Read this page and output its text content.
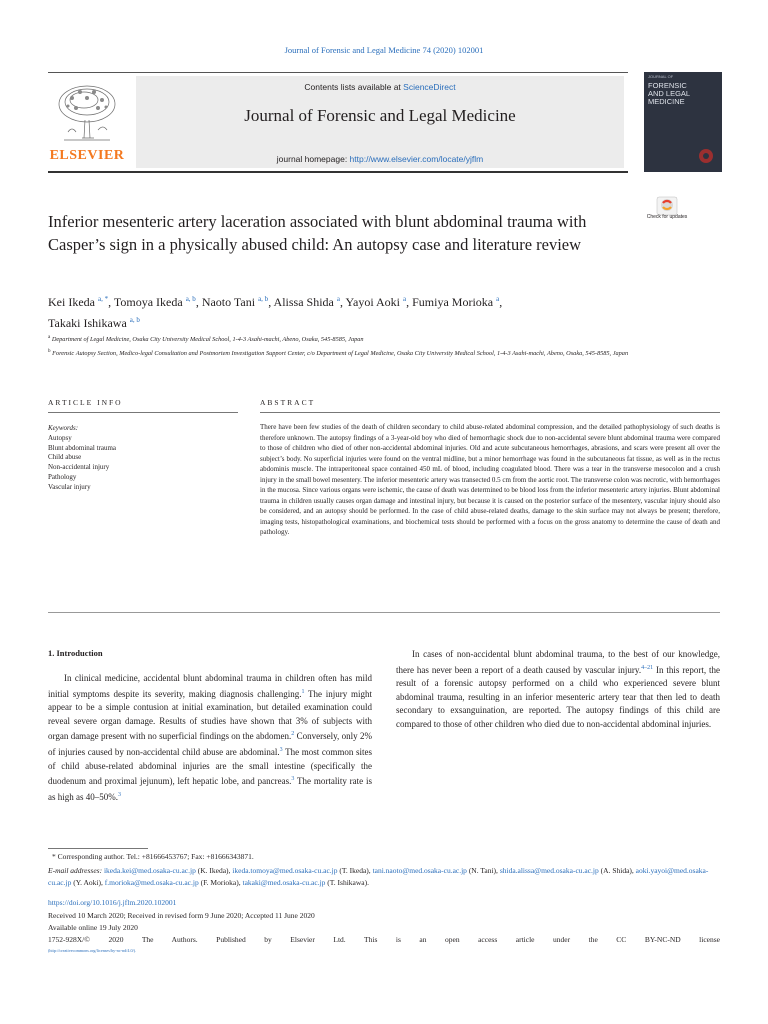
Journal of Forensic and Legal Medicine 74 (2020) 102001
ELSEVIER
Contents lists available at ScienceDirect
Journal of Forensic and Legal Medicine
journal homepage: http://www.elsevier.com/locate/yjflm
JOURNAL OF
FORENSIC
AND LEGAL
MEDICINE
Inferior mesenteric artery laceration associated with blunt abdominal trauma with Casper’s sign in a physically abused child: An autopsy case and literature review
Check for updates
Kei Ikeda $^{a, *}$, Tomoya Ikeda $^{a, b}$, Naoto Tani $^{a, b}$, Alissa Shida $^a$, Yayoi Aoki $^a$, Fumiya Morioka $^a$,
Takaki Ishikawa $^{a, b}$
$^a$ Department of Legal Medicine, Osaka City University Medical School, 1-4-3 Asahi-machi, Abeno, Osaka, 545-8585, Japan
$^b$ Forensic Autopsy Section, Medico-legal Consultation and Postmortem Investigation Support Center, c/o Department of Legal Medicine, Osaka City University Medical School, 1-4-3 Asahi-machi, Abeno, Osaka, 545-8585, Japan
ARTICLE INFO
Keywords:
Autopsy
Blunt abdominal trauma
Child abuse
Non-accidental injury
Pathology
Vascular injury
ABSTRACT
There have been few studies of the death of children secondary to child abuse-related abdominal compression, and the detailed pathophysiology of such deaths is therefore unknown. The autopsy findings of a 3-year-old boy who died of hemorrhagic shock due to non-accidental severe blunt abdominal trauma were compared to those of children who died of other non-accidental abdominal injuries. Old and acute subcutaneous hemorrhages, abrasions, and scars were present all over the subject’s body. No superficial injuries were found on the ventral midline, but a minor hemorrhage was found in the subcutaneous fat tissue, as well as in the rectus abdominis muscle. The intraperitoneal space contained 450 mL of blood, including coagulated blood. There was a tear in the transverse mesocolon and a crush injury in the small bowel mesentery. The inferior mesenteric artery was transected 0.5 cm from the aortic root. The transverse colon was necrotic, with hemorrhages in the mucosa. Since various organs were ischemic, the cause of death was determined to be blood loss from the inferior mesenteric artery injuries. Blunt abdominal trauma in children usually causes organ damage and intestinal injury, but because it is caused on the posterior surface of the mesentery, vascular injury should also be considered, and an autopsy should be performed. In the case of child abuse-related deaths, damage to the skin surface may not always be present; therefore, imaging tests, histopathological examinations, and biochemical tests should be performed with a focus on the gross anatomy to determine the cause of death and pathology.
1. Introduction
In clinical medicine, accidental blunt abdominal trauma in children often has mild initial symptoms despite its severity, making diagnosis challenging.$^1$ The injury might appear to be a simple contusion at initial examination, but detailed examination could reveal severe organ damage. Results of studies have shown that 3% of subjects with organ damage present with no superficial findings on the abdomen.$^2$ Conversely, only 2% of injuries caused by non-accidental child abuse are abdominal.$^3$ The most common sites of child abuse-related abdominal injuries are the small intestine (specifically the duodenum and proximal jejunum), left hepatic lobe, and pancreas.$^3$ The mortality rate is as high as 40–50%.$^3$
In cases of non-accidental blunt abdominal trauma, to the best of our knowledge, there has never been a report of a death caused by vascular injury.$^{4-21}$ In this report, the result of a forensic autopsy performed on a child who experienced severe blunt abdominal trauma, resulting in an inferior mesenteric artery tear that then led to death secondary to exsanguination, are reported. The autopsy findings of this child are compared to those of other children who died due to non-accidental abdominal injuries.
* Corresponding author. Tel.: +81666453767; Fax: +81666343871.
E-mail addresses: ikeda.kei@med.osaka-cu.ac.jp (K. Ikeda), ikeda.tomoya@med.osaka-cu.ac.jp (T. Ikeda), tani.naoto@med.osaka-cu.ac.jp (N. Tani), shida.alissa@med.osaka-cu.ac.jp (A. Shida), aoki.yayoi@med.osaka-cu.ac.jp (Y. Aoki), f.morioka@med.osaka-cu.ac.jp (F. Morioka), takaki@med.osaka-cu.ac.jp (T. Ishikawa).
https://doi.org/10.1016/j.jflm.2020.102001
Received 10 March 2020; Received in revised form 9 June 2020; Accepted 11 June 2020
Available online 19 July 2020
1752-928X/© 2020 The Authors. Published by Elsevier Ltd. This is an open access article under the CC BY-NC-ND license
(http://creativecommons.org/licenses/by-nc-nd/4.0/).
